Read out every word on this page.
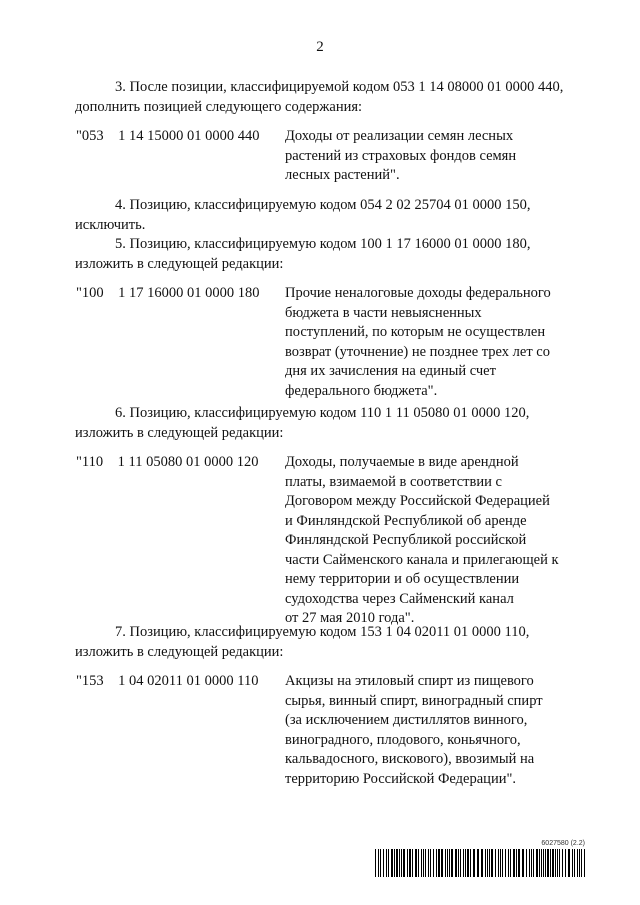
2
3. После позиции, классифицируемой кодом 053 1 14 08000 01 0000 440,
дополнить позицией следующего содержания:
"053    1 14 15000 01 0000 440 Доходы от реализации семян лесных
растений из страховых фондов семян
лесных растений".
4. Позицию, классифицируемую кодом 054 2 02 25704 01 0000 150,
исключить.
5. Позицию, классифицируемую кодом 100 1 17 16000 01 0000 180,
изложить в следующей редакции:
"100    1 17 16000 01 0000 180 Прочие неналоговые доходы федерального
бюджета в части невыясненных
поступлений, по которым не осуществлен
возврат (уточнение) не позднее трех лет со
дня их зачисления на единый счет
федерального бюджета".
6. Позицию, классифицируемую кодом 110 1 11 05080 01 0000 120,
изложить в следующей редакции:
"110    1 11 05080 01 0000 120 Доходы, получаемые в виде арендной
платы, взимаемой в соответствии с
Договором между Российской Федерацией
и Финляндской Республикой об аренде
Финляндской Республикой российской
части Сайменского канала и прилегающей к
нему территории и об осуществлении
судоходства через Сайменский канал
от 27 мая 2010 года".
7. Позицию, классифицируемую кодом 153 1 04 02011 01 0000 110,
изложить в следующей редакции:
"153    1 04 02011 01 0000 110 Акцизы на этиловый спирт из пищевого
сырья, винный спирт, виноградный спирт
(за исключением дистиллятов винного,
виноградного, плодового, коньячного,
кальвадосного, вискового), ввозимый на
территорию Российской Федерации".
6027580 (2.2)
